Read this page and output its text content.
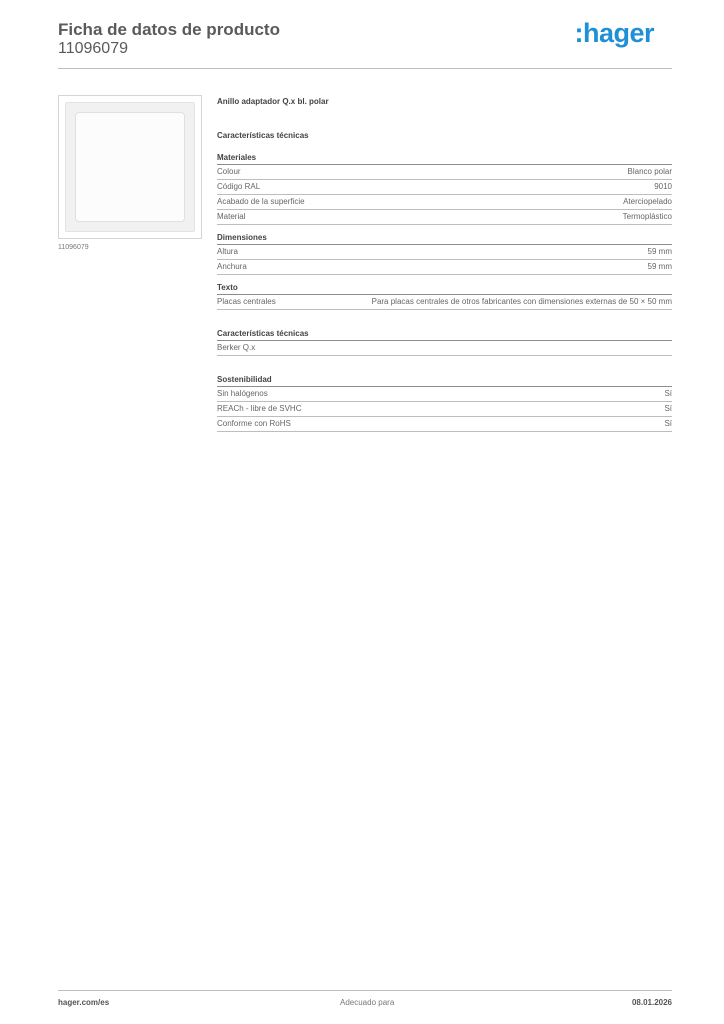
Ficha de datos de producto
11096079
:hager
11096079
Anillo adaptador Q.x bl. polar
Características técnicas
Materiales
Colour	Blanco polar
Código RAL	9010
Acabado de la superficie	Aterciopelado
Material	Termoplástico
Dimensiones
Altura	59 mm
Anchura	59 mm
Texto
Placas centrales	Para placas centrales de otros fabricantes con dimensiones externas de 50 × 50 mm
Características técnicas
Berker Q.x
Sostenibilidad
Sin halógenos	Sí
REACh - libre de SVHC	Sí
Conforme con RoHS	Sí
hager.com/es	Adecuado para	08.01.2026
